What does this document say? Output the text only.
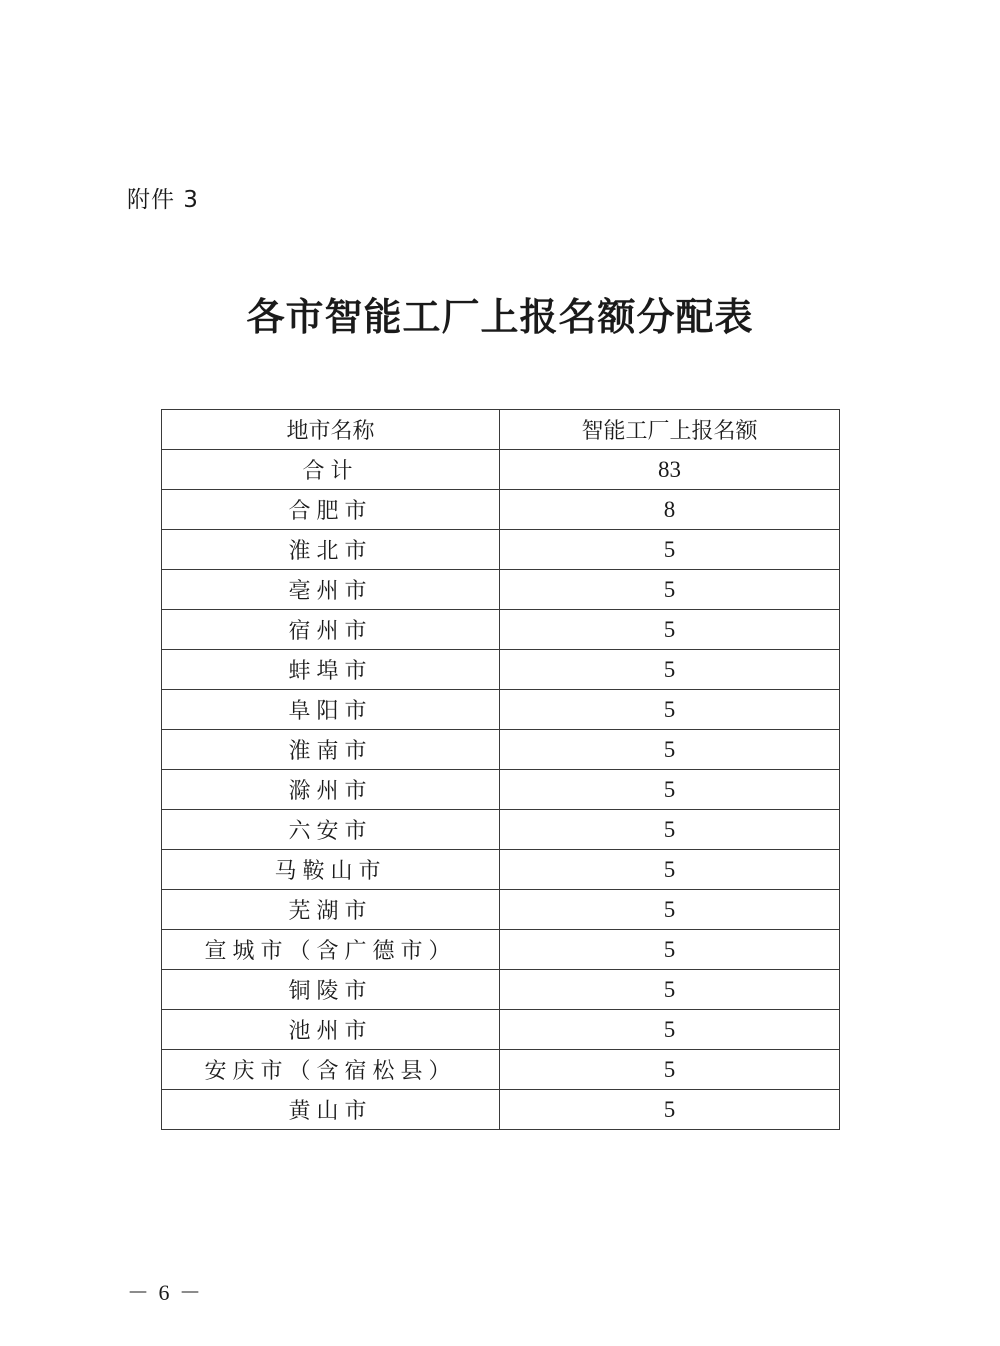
附件 3
各市智能工厂上报名额分配表
地市名称	智能工厂上报名额
合计	83
合肥市	8
淮北市	5
亳州市	5
宿州市	5
蚌埠市	5
阜阳市	5
淮南市	5
滁州市	5
六安市	5
马鞍山市	5
芜湖市	5
宣城市（含广德市）	5
铜陵市	5
池州市	5
安庆市（含宿松县）	5
黄山市	5
－ 6 －
